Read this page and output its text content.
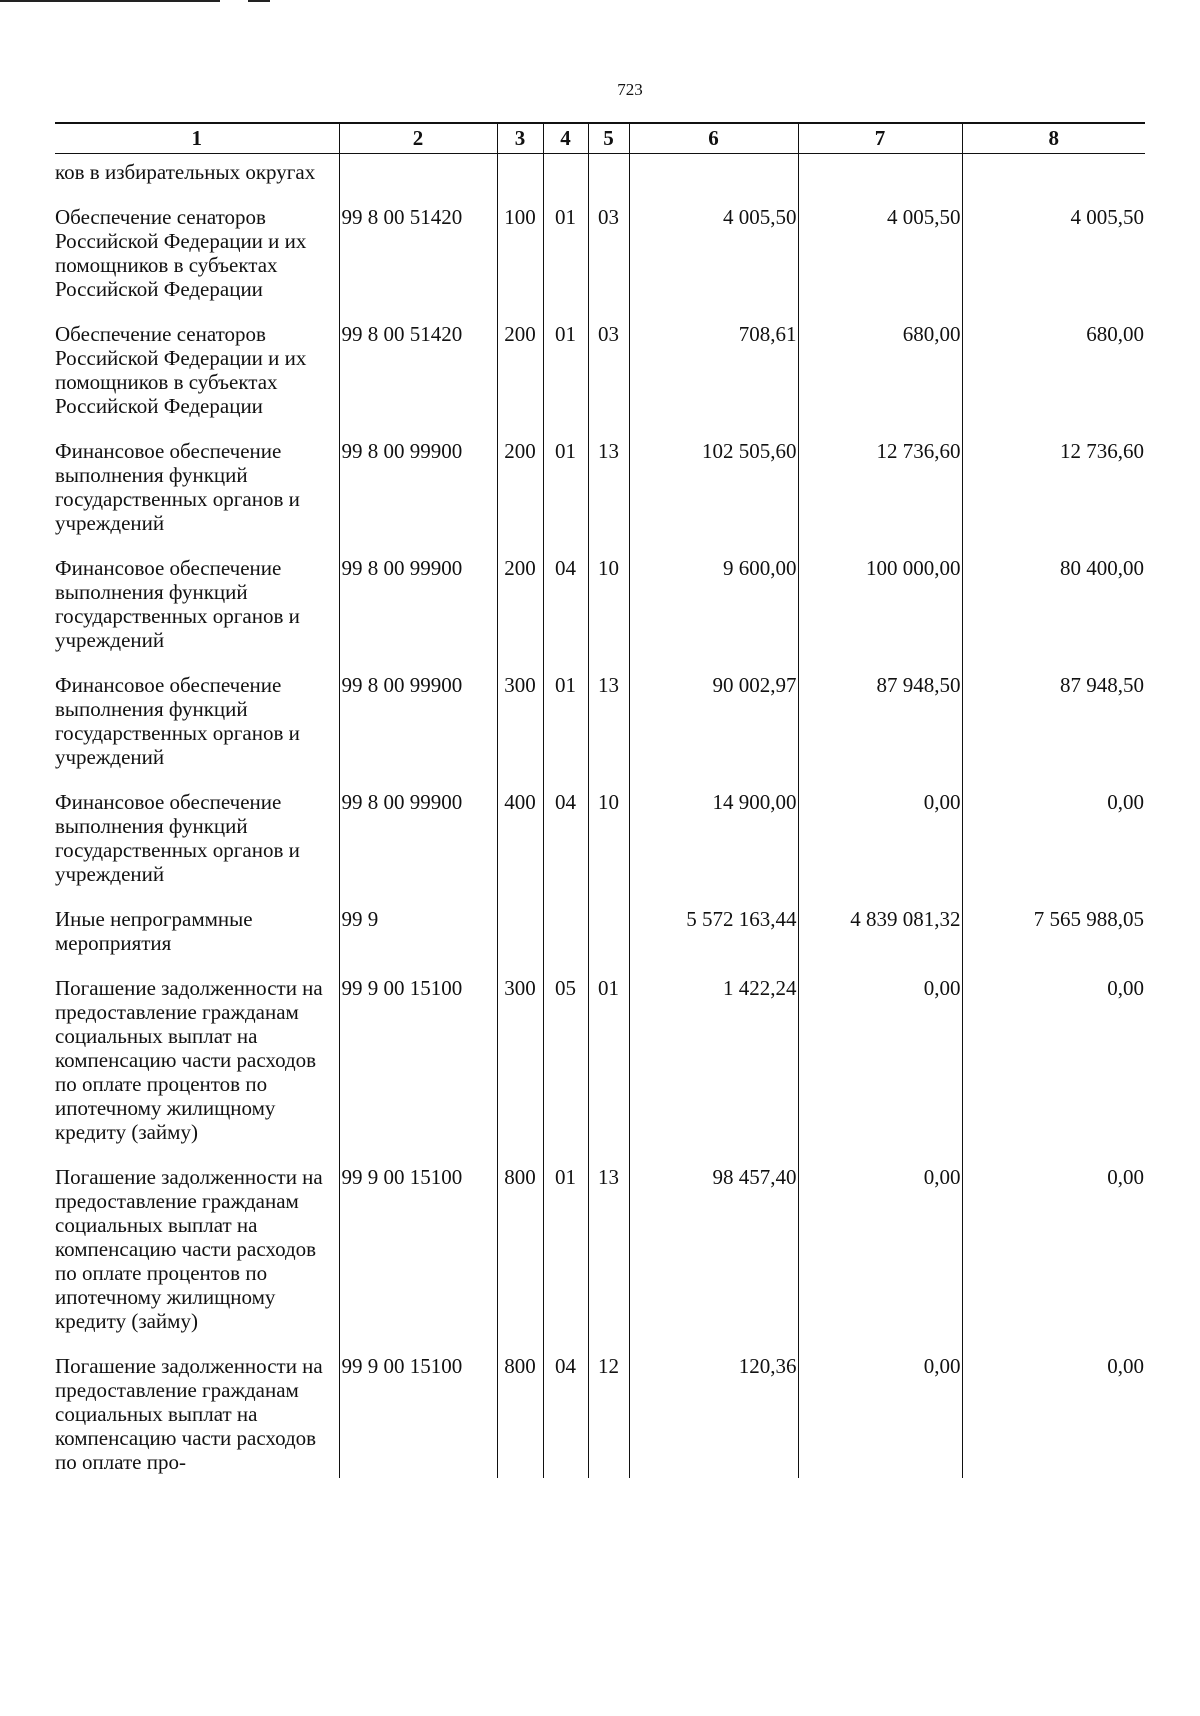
723
1	2	3	4	5	6	7	8
ков в избирательных округах							
Обеспечение сенаторов Российской Федерации и их помощников в субъектах Российской Федерации	99 8 00 51420	100	01	03	4 005,50	4 005,50	4 005,50
Обеспечение сенаторов Российской Федерации и их помощников в субъектах Российской Федерации	99 8 00 51420	200	01	03	708,61	680,00	680,00
Финансовое обеспечение выполнения функций государственных органов и учреждений	99 8 00 99900	200	01	13	102 505,60	12 736,60	12 736,60
Финансовое обеспечение выполнения функций государственных органов и учреждений	99 8 00 99900	200	04	10	9 600,00	100 000,00	80 400,00
Финансовое обеспечение выполнения функций государственных органов и учреждений	99 8 00 99900	300	01	13	90 002,97	87 948,50	87 948,50
Финансовое обеспечение выполнения функций государственных органов и учреждений	99 8 00 99900	400	04	10	14 900,00	0,00	0,00
Иные непрограммные мероприятия	99 9				5 572 163,44	4 839 081,32	7 565 988,05
Погашение задолженности на предоставление гражданам социальных выплат на компенсацию части расходов по оплате процентов по ипотечному жилищному кредиту (займу)	99 9 00 15100	300	05	01	1 422,24	0,00	0,00
Погашение задолженности на предоставление гражданам социальных выплат на компенсацию части расходов по оплате процентов по ипотечному жилищному кредиту (займу)	99 9 00 15100	800	01	13	98 457,40	0,00	0,00
Погашение задолженности на предоставление гражданам социальных выплат на компенсацию части расходов по оплате про-	99 9 00 15100	800	04	12	120,36	0,00	0,00
